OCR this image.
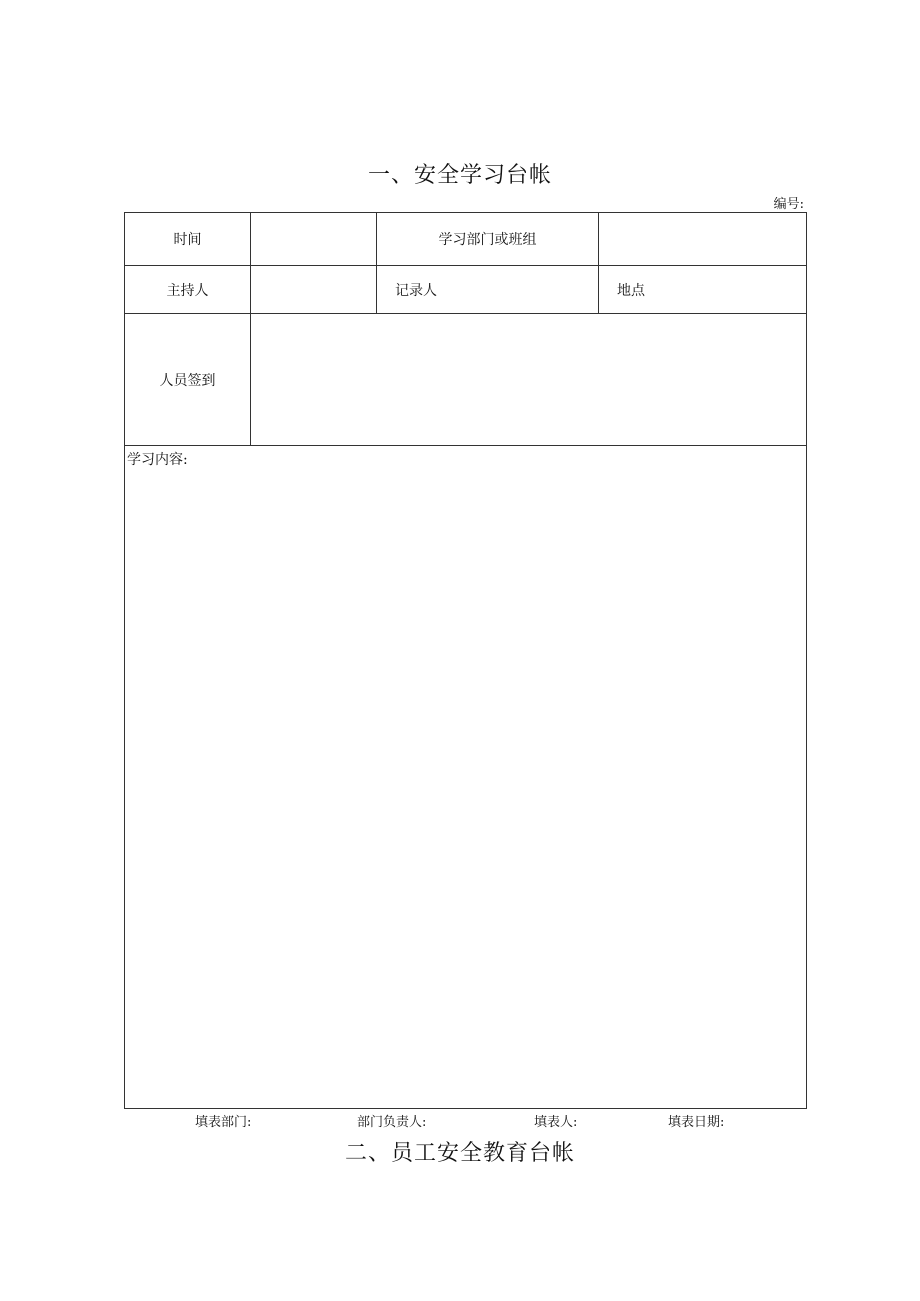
一、安全学习台帐
编号:
时间	学习部门或班组
主持人	记录人	地点
人员签到
学习内容:
填表部门:	部门负责人:	填表人:	填表日期:
二、员工安全教育台帐
